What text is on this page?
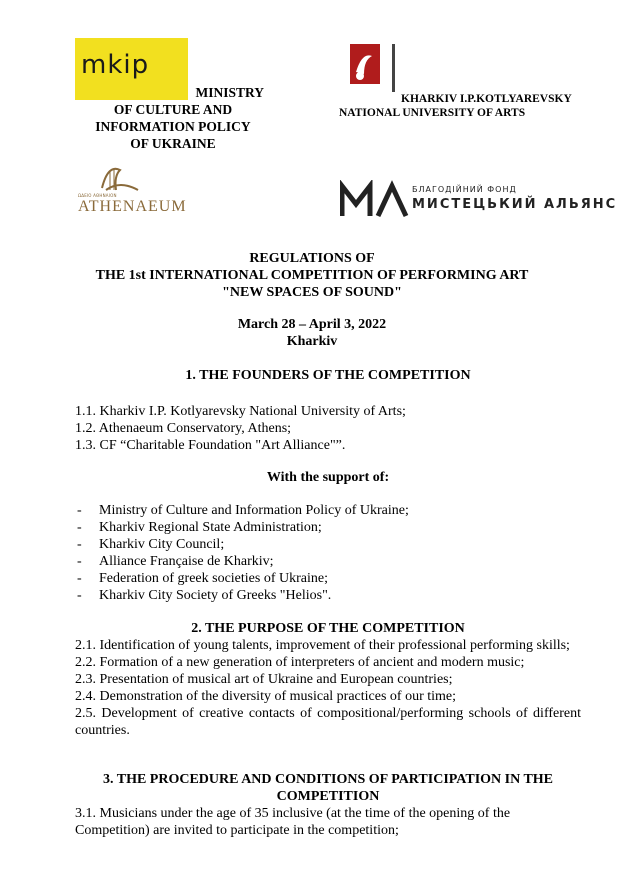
mkip
MINISTRY
OF CULTURE AND
INFORMATION POLICY
OF UKRAINE
KHARKIV I.P.KOTLYAREVSKY
NATIONAL UNIVERSITY OF ARTS
ΩΔΕΙΟ ΑΘΗΝΑΙΟΝ
ATHENAEUM
БЛАГОДІЙНИЙ ФОНД
МИСТЕЦЬКИЙ АЛЬЯНС
REGULATIONS OF
THE 1st INTERNATIONAL COMPETITION OF PERFORMING ART
"NEW SPACES OF SOUND"
March 28 – April 3, 2022
Kharkiv
1. THE FOUNDERS OF THE COMPETITION
1.1. Kharkiv I.P. Kotlyarevsky National University of Arts;
1.2. Athenaeum Conservatory, Athens;
1.3. CF “Charitable Foundation "Art Alliance"”.
With the support of:
- Ministry of Culture and Information Policy of Ukraine;
- Kharkiv Regional State Administration;
- Kharkiv City Council;
- Alliance Française de Kharkiv;
- Federation of greek societies of Ukraine;
- Kharkiv City Society of Greeks "Helios".
2. THE PURPOSE OF THE COMPETITION
2.1. Identification of young talents, improvement of their professional performing skills;
2.2. Formation of a new generation of interpreters of ancient and modern music;
2.3. Presentation of musical art of Ukraine and European countries;
2.4. Demonstration of the diversity of musical practices of our time;
2.5. Development of creative contacts of compositional/performing schools of different countries.
3. THE PROCEDURE AND CONDITIONS OF PARTICIPATION IN THE
COMPETITION
3.1. Musicians under the age of 35 inclusive (at the time of the opening of the Competition) are invited to participate in the competition;
